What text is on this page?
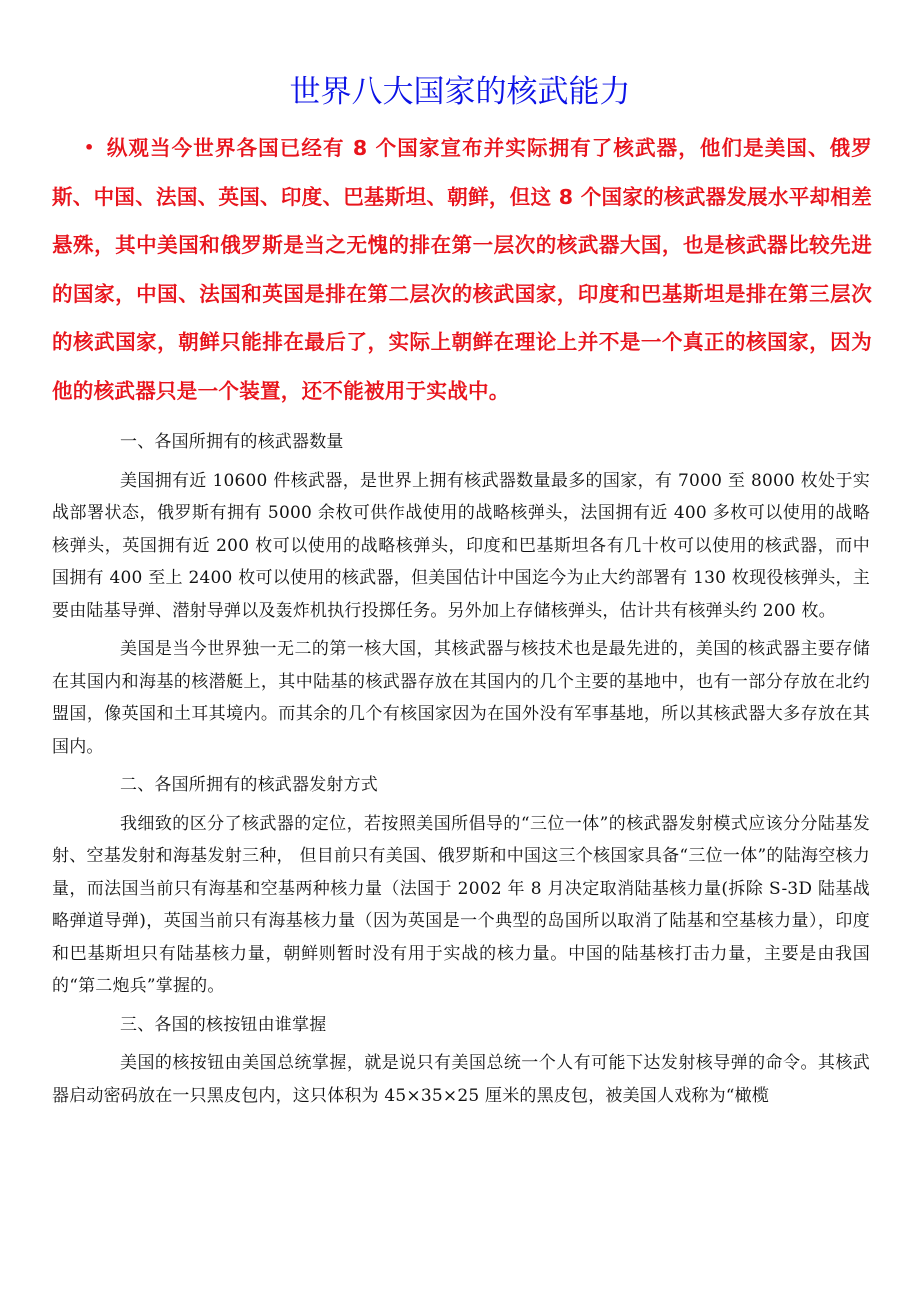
世界八大国家的核武能力

• 纵观当今世界各国已经有 8 个国家宣布并实际拥有了核武器，他们是美国、俄罗斯、中国、法国、英国、印度、巴基斯坦、朝鲜，但这 8 个国家的核武器发展水平却相差悬殊，其中美国和俄罗斯是当之无愧的排在第一层次的核武器大国，也是核武器比较先进的国家，中国、法国和英国是排在第二层次的核武国家，印度和巴基斯坦是排在第三层次的核武国家，朝鲜只能排在最后了，实际上朝鲜在理论上并不是一个真正的核国家，因为他的核武器只是一个装置，还不能被用于实战中。

一、各国所拥有的核武器数量

美国拥有近 10600 件核武器，是世界上拥有核武器数量最多的国家，有 7000 至 8000 枚处于实战部署状态，俄罗斯有拥有 5000 余枚可供作战使用的战略核弹头，法国拥有近 400 多枚可以使用的战略核弹头，英国拥有近 200 枚可以使用的战略核弹头，印度和巴基斯坦各有几十枚可以使用的核武器，而中国拥有 400 至上 2400 枚可以使用的核武器，但美国估计中国迄今为止大约部署有 130 枚现役核弹头，主要由陆基导弹、潜射导弹以及轰炸机执行投掷任务。另外加上存储核弹头，估计共有核弹头约 200 枚。

美国是当今世界独一无二的第一核大国，其核武器与核技术也是最先进的，美国的核武器主要存储在其国内和海基的核潜艇上，其中陆基的核武器存放在其国内的几个主要的基地中，也有一部分存放在北约盟国，像英国和土耳其境内。而其余的几个有核国家因为在国外没有军事基地，所以其核武器大多存放在其国内。

二、各国所拥有的核武器发射方式

我细致的区分了核武器的定位，若按照美国所倡导的“三位一体”的核武器发射模式应该分分陆基发射、空基发射和海基发射三种， 但目前只有美国、俄罗斯和中国这三个核国家具备“三位一体”的陆海空核力量，而法国当前只有海基和空基两种核力量（法国于 2002 年 8 月决定取消陆基核力量(拆除 S-3D 陆基战略弹道导弹)，英国当前只有海基核力量（因为英国是一个典型的岛国所以取消了陆基和空基核力量），印度和巴基斯坦只有陆基核力量，朝鲜则暂时没有用于实战的核力量。中国的陆基核打击力量，主要是由我国的“第二炮兵”掌握的。

三、各国的核按钮由谁掌握

美国的核按钮由美国总统掌握，就是说只有美国总统一个人有可能下达发射核导弹的命令。其核武器启动密码放在一只黑皮包内，这只体积为 45×35×25 厘米的黑皮包，被美国人戏称为“橄榄
